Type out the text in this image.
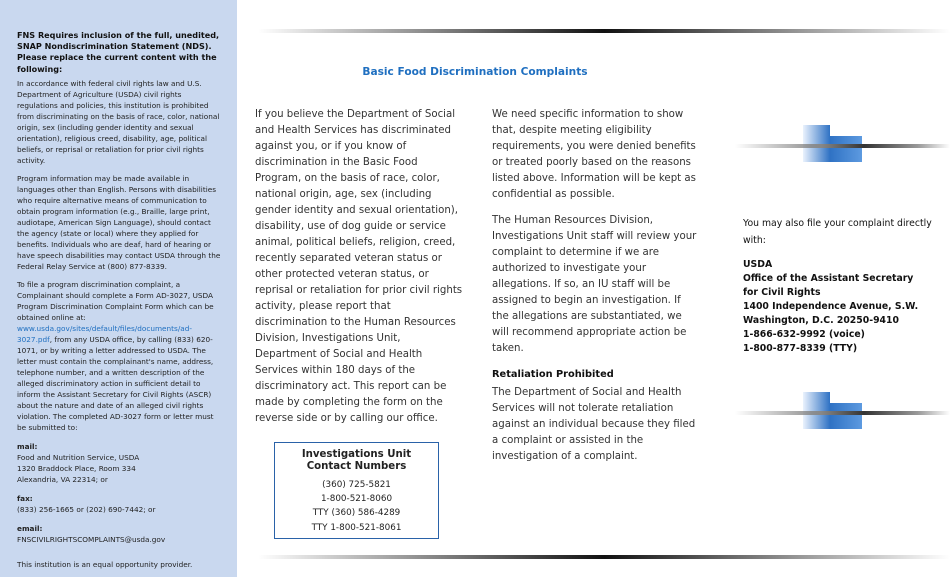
FNS Requires inclusion of the full, unedited, SNAP Nondiscrimination Statement (NDS). Please replace the current content with the following:

In accordance with federal civil rights law and U.S. Department of Agriculture (USDA) civil rights regulations and policies, this institution is prohibited from discriminating on the basis of race, color, national origin, sex (including gender identity and sexual orientation), religious creed, disability, age, political beliefs, or reprisal or retaliation for prior civil rights activity.

Program information may be made available in languages other than English. Persons with disabilities who require alternative means of communication to obtain program information (e.g., Braille, large print, audiotape, American Sign Language), should contact the agency (state or local) where they applied for benefits. Individuals who are deaf, hard of hearing or have speech disabilities may contact USDA through the Federal Relay Service at (800) 877-8339.

To file a program discrimination complaint, a Complainant should complete a Form AD-3027, USDA Program Discrimination Complaint Form which can be obtained online at: www.usda.gov/sites/default/files/documents/ad-3027.pdf, from any USDA office, by calling (833) 620-1071, or by writing a letter addressed to USDA. The letter must contain the complainant's name, address, telephone number, and a written description of the alleged discriminatory action in sufficient detail to inform the Assistant Secretary for Civil Rights (ASCR) about the nature and date of an alleged civil rights violation. The completed AD-3027 form or letter must be submitted to:

mail:
Food and Nutrition Service, USDA
1320 Braddock Place, Room 334
Alexandria, VA 22314; or
fax:
(833) 256-1665 or (202) 690-7442; or
email:
FNSCIVILRIGHTSCOMPLAINTS@usda.gov

This institution is an equal opportunity provider.

Basic Food Discrimination Complaints

If you believe the Department of Social and Health Services has discriminated against you, or if you know of discrimination in the Basic Food Program, on the basis of race, color, national origin, age, sex (including gender identity and sexual orientation), disability, use of dog guide or service animal, political beliefs, religion, creed, recently separated veteran status or other protected veteran status, or reprisal or retaliation for prior civil rights activity, please report that discrimination to the Human Resources Division, Investigations Unit, Department of Social and Health Services within 180 days of the discriminatory act. This report can be made by completing the form on the reverse side or by calling our office.

We need specific information to show that, despite meeting eligibility requirements, you were denied benefits or treated poorly based on the reasons listed above. Information will be kept as confidential as possible.

The Human Resources Division, Investigations Unit staff will review your complaint to determine if we are authorized to investigate your allegations. If so, an IU staff will be assigned to begin an investigation. If the allegations are substantiated, we will recommend appropriate action be taken.

Retaliation Prohibited

The Department of Social and Health Services will not tolerate retaliation against an individual because they filed a complaint or assisted in the investigation of a complaint.

Investigations Unit
Contact Numbers
(360) 725-5821
1-800-521-8060
TTY (360) 586-4289
TTY 1-800-521-8061

You may also file your complaint directly with:

USDA
Office of the Assistant Secretary
for Civil Rights
1400 Independence Avenue, S.W.
Washington, D.C. 20250-9410
1-866-632-9992 (voice)
1-800-877-8339 (TTY)
